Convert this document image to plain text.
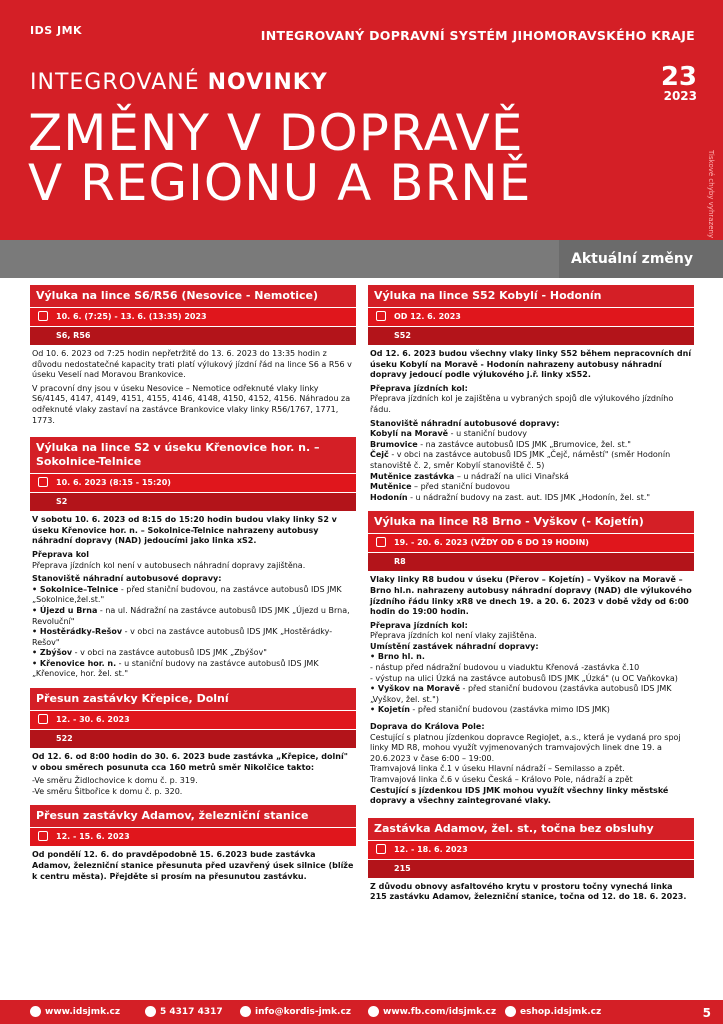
IDS JMK	INTEGROVANÝ DOPRAVNÍ SYSTÉM JIHOMORAVSKÉHO KRAJE
INTEGROVANÉ NOVINKY	23
2023
ZMĚNY V DOPRAVĚ
V REGIONU A BRNĚ	Tiskové chyby vyhrazeny
Aktuální změny
Výluka na lince S6/R56 (Nesovice - Nemotice)
10. 6. (7:25) - 13. 6. (13:35) 2023
S6, R56

Od 10. 6. 2023 od 7:25 hodin nepřetržitě do 13. 6. 2023 do 13:35 hodin z důvodu nedostatečné kapacity trati platí výlukový jízdní řád na lince S6 a R56 v úseku Veselí nad Moravou Brankovice.

V pracovní dny jsou v úseku Nesovice – Nemotice odřeknuté vlaky linky S6/4145, 4147, 4149, 4151, 4155, 4146, 4148, 4150, 4152, 4156. Náhradou za odřeknuté vlaky zastaví na zastávce Brankovice vlaky linky R56/1767, 1771, 1773.

Výluka na lince S2 v úseku Křenovice hor. n. – Sokolnice-Telnice
10. 6. 2023 (8:15 - 15:20)
S2

V sobotu 10. 6. 2023 od 8:15 do 15:20 hodin budou vlaky linky S2 v úseku Křenovice hor. n. – Sokolnice-Telnice nahrazeny autobusy náhradní dopravy (NAD) jedoucími jako linka xS2.

Přeprava kol

Přeprava jízdních kol není v autobusech náhradní dopravy zajištěna.

Stanoviště náhradní autobusové dopravy:

• Sokolnice–Telnice - před staniční budovou, na zastávce autobusů IDS JMK „Sokolnice,žel.st."
• Újezd u Brna - na ul. Nádražní na zastávce autobusů IDS JMK „Újezd u Brna, Revoluční"
• Hostěrádky-Rešov - v obci na zastávce autobusů IDS JMK „Hostěrádky-Rešov"
• Zbýšov - v obci na zastávce autobusů IDS JMK „Zbýšov"
• Křenovice hor. n. - u staniční budovy na zastávce autobusů IDS JMK „Křenovice, hor. žel. st."
Přesun zastávky Křepice, Dolní
12. - 30. 6. 2023
522

Od 12. 6. od 8:00 hodin do 30. 6. 2023 bude zastávka „Křepice, dolní" v obou směrech posunuta cca 160 metrů směr Nikolčice takto:

-Ve směru Židlochovice k domu č. p. 319.
-Ve směru Šitbořice k domu č. p. 320.
Přesun zastávky Adamov, železniční stanice
12. - 15. 6. 2023

Od pondělí 12. 6. do pravděpodobně 15. 6.2023 bude zastávka Adamov, železniční stanice přesunuta před uzavřený úsek silnice (blíže k centru města). Přejděte si prosím na přesunutou zastávku.

Výluka na lince S52 Kobylí - Hodonín
OD 12. 6. 2023
S52

Od 12. 6. 2023 budou všechny vlaky linky S52 během nepracovních dní úseku Kobylí na Moravě - Hodonín nahrazeny autobusy náhradní dopravy jedoucí podle výlukového j.ř. linky xS52.

Přeprava jízdních kol:

Přeprava jízdních kol je zajištěna u vybraných spojů dle výlukového jízdního řádu.

Stanoviště náhradní autobusové dopravy:

Kobylí na Moravě - u staniční budovy
Brumovice - na zastávce autobusů IDS JMK „Brumovice, žel. st."
Čejč - v obci na zastávce autobusů IDS JMK „Čejč, náměstí" (směr Hodonín stanoviště č. 2, směr Kobylí stanoviště č. 5)
Mutěnice zastávka – u nádraží na ulici Vinařská
Mutěnice – před staniční budovou
Hodonín - u nádražní budovy na zast. aut. IDS JMK „Hodonín, žel. st."
Výluka na lince R8 Brno - Vyškov (- Kojetín)
19. - 20. 6. 2023 (VŽDY OD 6 DO 19 HODIN)
R8

Vlaky linky R8 budou v úseku (Přerov – Kojetín) – Vyškov na Moravě – Brno hl.n. nahrazeny autobusy náhradní dopravy (NAD) dle výlukového jízdního řádu linky xR8 ve dnech 19. a 20. 6. 2023 v době vždy od 6:00 hodin do 19:00 hodin.

Přeprava jízdních kol:

Přeprava jízdních kol není vlaky zajištěna.

Umístění zastávek náhradní dopravy:

• Brno hl. n.
- nástup před nádražní budovou u viaduktu Křenová -zastávka č.10
- výstup na ulici Úzká na zastávce autobusů IDS JMK „Úzká" (u OC Vaňkovka)
• Vyškov na Moravě - před staniční budovou (zastávka autobusů IDS JMK „Vyškov, žel. st.")
• Kojetín - před staniční budovou (zastávka mimo IDS JMK)

Doprava do Králova Pole:

Cestující s platnou jízdenkou dopravce RegioJet, a.s., která je vydaná pro spoj linky MD R8, mohou využít vyjmenovaných tramvajových linek dne 19. a 20.6.2023 v čase 6:00 – 19:00.

Tramvajová linka č.1 v úseku Hlavní nádraží – Semilasso a zpět.
Tramvajová linka č.6 v úseku Česká – Královo Pole, nádraží a zpět

Cestující s jízdenkou IDS JMK mohou využít všechny linky městské dopravy a všechny zaintegrované vlaky.

Zastávka Adamov, žel. st., točna bez obsluhy
12. - 18. 6. 2023
215

Z důvodu obnovy asfaltového krytu v prostoru točny vynechá linka 215 zastávku Adamov, železniční stanice, točna od 12. do 18. 6. 2023.

www.idsjmk.cz	5 4317 4317	info@kordis-jmk.cz	www.fb.com/idsjmk.cz	eshop.idsjmk.cz	5
